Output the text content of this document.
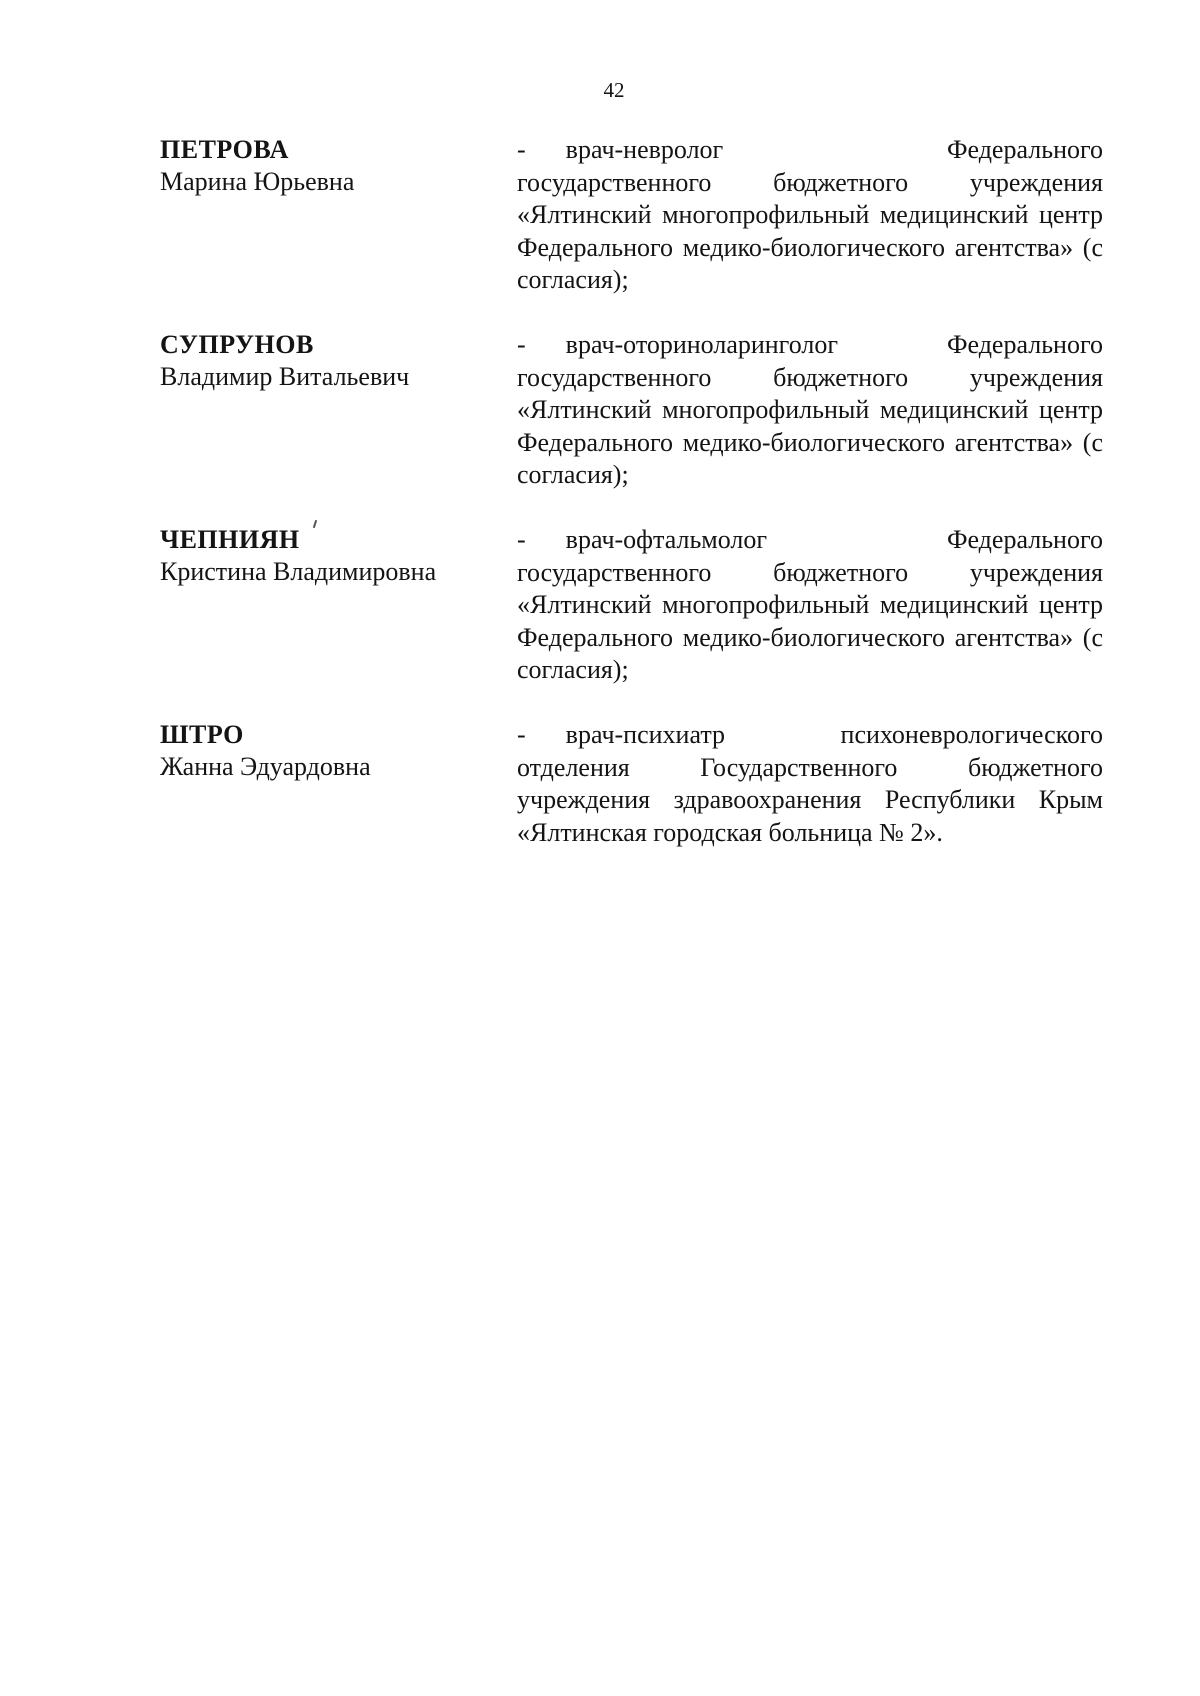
42
ПЕТРОВА
Марина Юрьевна
- врач-невролог Федерального
государственного бюджетного учреждения «Ялтинский многопрофильный медицинский центр Федерального медико-биологического агентства» (с согласия);
СУПРУНОВ
Владимир Витальевич
- врач-оториноларинголог Федерального
государственного бюджетного учреждения «Ялтинский многопрофильный медицинский центр Федерального медико-биологического агентства» (с согласия);
ЧЕПНИЯН
Кристина Владимировна
- врач-офтальмолог Федерального
государственного бюджетного учреждения «Ялтинский многопрофильный медицинский центр Федерального медико-биологического агентства» (с согласия);
ШТРО
Жанна Эдуардовна
- врач-психиатр психоневрологического
отделения Государственного бюджетного учреждения здравоохранения Республики Крым «Ялтинская городская больница № 2».
